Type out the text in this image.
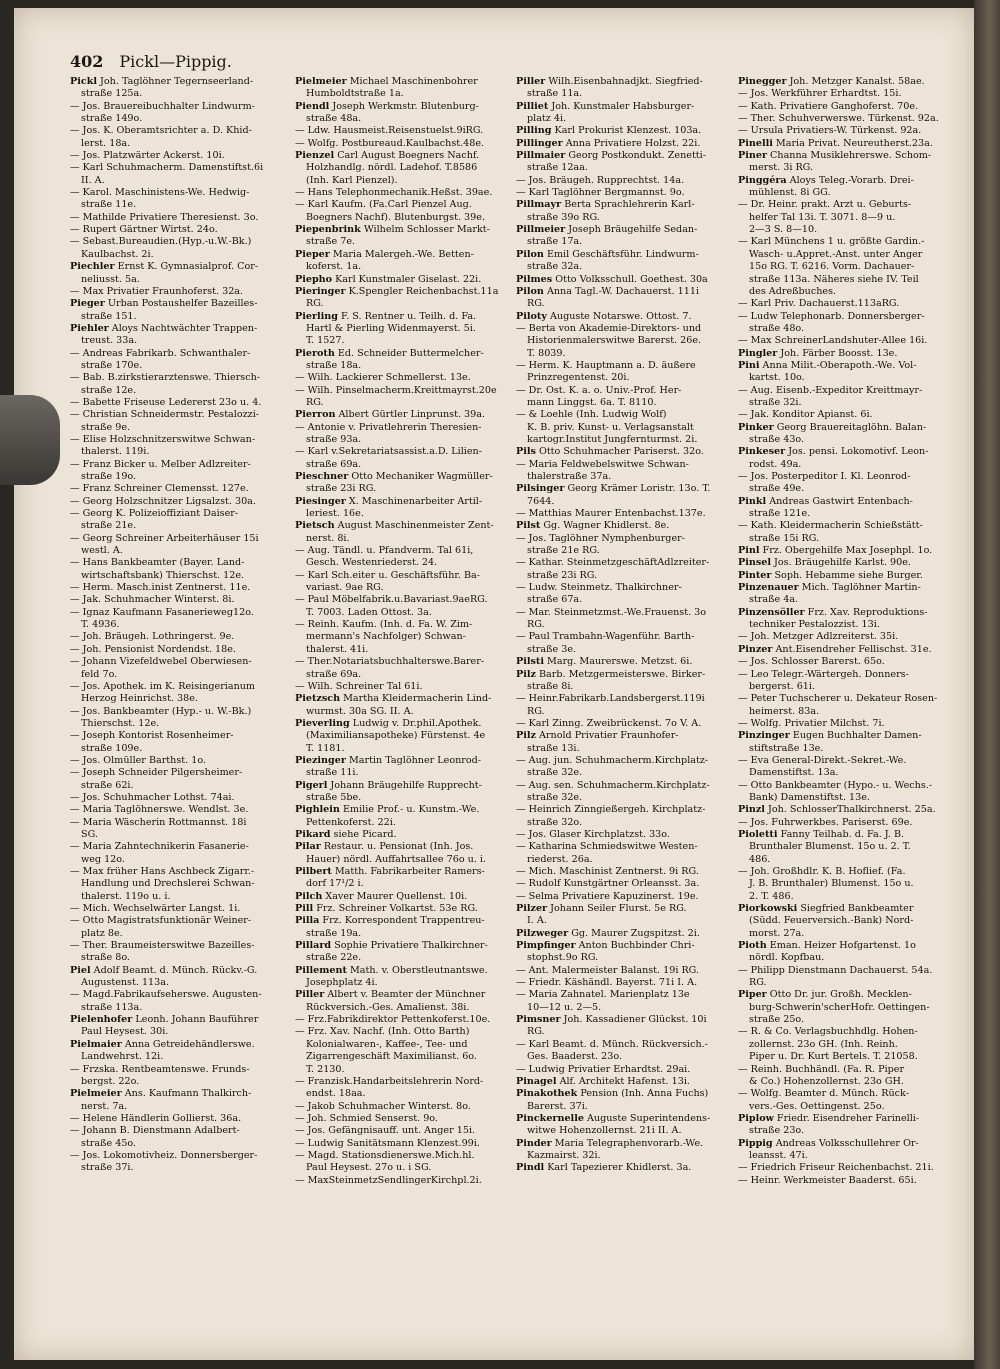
402 Pickl—Pippig.
Pickl Joh. Taglöhner Tegernseerland-
straße 125a.
— Jos. Brauereibuchhalter Lindwurm-
straße 149o.
— Jos. K. Oberamtsrichter a. D. Khid-
lerst. 18a.
— Jos. Platzwärter Ackerst. 10i.
— Karl Schuhmacherm. Damenstiftst.6i
II. A.
— Karol. Maschinistens-We. Hedwig-
straße 11e.
— Mathilde Privatiere Theresienst. 3o.
— Rupert Gärtner Wirtst. 24o.
— Sebast.Bureaudien.(Hyp.-u.W.-Bk.)
Kaulbachst. 2i.
Piechler Ernst K. Gymnasialprof. Cor-
neliusst. 5a.
— Max Privatier Fraunhoferst. 32a.
Pieger Urban Postaushelfer Bazeilles-
straße 151.
Piehler Aloys Nachtwächter Trappen-
treust. 33a.
— Andreas Fabrikarb. Schwanthaler-
straße 170e.
— Bab. B.zirkstierarztenswe. Thiersch-
straße 12e.
— Babette Friseuse Ledererst 23o u. 4.
— Christian Schneidermstr. Pestalozzi-
straße 9e.
— Elise Holzschnitzerswitwe Schwan-
thalerst. 119i.
— Franz Bicker u. Melber Adlzreiter-
straße 19o.
— Franz Schreiner Clemensst. 127e.
— Georg Holzschnitzer Ligsalzst. 30a.
— Georg K. Polizeioffiziant Daiser-
straße 21e.
— Georg Schreiner Arbeiterhäuser 15i
westl. A.
— Hans Bankbeamter (Bayer. Land-
wirtschaftsbank) Thierschst. 12e.
— Herm. Masch.inist Zentnerst. 11e.
— Jak. Schuhmacher Winterst. 8i.
— Ignaz Kaufmann Fasanerieweg12o.
T. 4936.
— Joh. Bräugeh. Lothringerst. 9e.
— Joh. Pensionist Nordendst. 18e.
— Johann Vizefeldwebel Oberwiesen-
feld 7o.
— Jos. Apothek. im K. Reisingerianum
Herzog Heinrichst. 38e.
— Jos. Bankbeamter (Hyp.- u. W.-Bk.)
Thierschst. 12e.
— Joseph Kontorist Rosenheimer-
straße 109e.
— Jos. Olmüller Barthst. 1o.
— Joseph Schneider Pilgersheimer-
straße 62i.
— Jos. Schuhmacher Lothst. 74ai.
— Maria Taglöhnerswe. Wendlst. 3e.
— Maria Wäscherin Rottmannst. 18i
SG.
— Maria Zahntechnikerin Fasanerie-
weg 12o.
— Max früher Hans Aschbeck Zigarr.-
Handlung und Drechslerei Schwan-
thalerst. 119o u. i.
— Mich. Wechselwärter Langst. 1i.
— Otto Magistratsfunktionär Weiner-
platz 8e.
— Ther. Braumeisterswitwe Bazeilles-
straße 8o.
Piel Adolf Beamt. d. Münch. Rückv.-G.
Augustenst. 113a.
— Magd.Fabrikaufseherswe. Augusten-
straße 113a.
Pielenhofer Leonh. Johann Bauführer
Paul Heysest. 30i.
Pielmaier Anna Getreidehändlerswe.
Landwehrst. 12i.
— Frzska. Rentbeamtenswe. Frunds-
bergst. 22o.
Pielmeier Ans. Kaufmann Thalkirch-
nerst. 7a.
— Helene Händlerin Gollierst. 36a.
— Johann B. Dienstmann Adalbert-
straße 45o.
— Jos. Lokomotivheiz. Donnersberger-
straße 37i.
Pielmeier Michael Maschinenbohrer
Humboldtstraße 1a.
Piendl Joseph Werkmstr. Blutenburg-
straße 48a.
— Ldw. Hausmeist.Reisenstuelst.9iRG.
— Wolfg. Postbureaud.Kaulbachst.48e.
Pienzel Carl August Boegners Nachf.
Holzhandlg. nördl. Ladehof. T.8586
(Inh. Karl Pienzel).
— Hans Telephonmechanik.Heßst. 39ae.
— Karl Kaufm. (Fa.Carl Pienzel Aug.
Boegners Nachf). Blutenburgst. 39e.
Piepenbrink Wilhelm Schlosser Markt-
straße 7e.
Pieper Maria Malergeh.-We. Betten-
koferst. 1a.
Piepho Karl Kunstmaler Giselast. 22i.
Pieringer K.Spengler Reichenbachst.11a
RG.
Pierling F. S. Rentner u. Teilh. d. Fa.
Hartl & Pierling Widenmayerst. 5i.
T. 1527.
Pieroth Ed. Schneider Buttermelcher-
straße 18a.
— Wilh. Lackierer Schmellerst. 13e.
— Wilh. Pinselmacherm.Kreittmayrst.20e
RG.
Pierron Albert Gürtler Linprunst. 39a.
— Antonie v. Privatlehrerin Theresien-
straße 93a.
— Karl v.Sekretariatsassist.a.D. Lilien-
straße 69a.
Pieschner Otto Mechaniker Wagmüller-
straße 23i RG.
Piesinger X. Maschinenarbeiter Artil-
leriest. 16e.
Pietsch August Maschinenmeister Zent-
nerst. 8i.
— Aug. Tändl. u. Pfandverm. Tal 61i,
Gesch. Westenriederst. 24.
— Karl Sch.eiter u. Geschäftsführ. Ba-
variast. 9ae RG.
— Paul Möbelfabrik.u.Bavariast.9aeRG.
T. 7003. Laden Ottost. 3a.
— Reinh. Kaufm. (Inh. d. Fa. W. Zim-
mermann's Nachfolger) Schwan-
thalerst. 41i.
— Ther.Notariatsbuchhalterswe.Barer-
straße 69a.
— Wilh. Schreiner Tal 61i.
Pietzsch Martha Kleidermacherin Lind-
wurmst. 30a SG. II. A.
Pieverling Ludwig v. Dr.phil.Apothek.
(Maximiliansapotheke) Fürstenst. 4e
T. 1181.
Piezinger Martin Taglöhner Leonrod-
straße 11i.
Pigerl Johann Bräugehilfe Rupprecht-
straße 5be.
Pighlein Emilie Prof.- u. Kunstm.-We.
Pettenkoferst. 22i.
Pikard siehe Picard.
Pilar Restaur. u. Pensionat (Inh. Jos.
Hauer) nördl. Auffahrtsallee 76o u. i.
Pilbert Matth. Fabrikarbeiter Ramers-
dorf 17¹/2 i.
Pilch Xaver Maurer Quellenst. 10i.
Pill Frz. Schreiner Volkartst. 53e RG.
Pilla Frz. Korrespondent Trappentreu-
straße 19a.
Pillard Sophie Privatiere Thalkirchner-
straße 22e.
Pillement Math. v. Oberstleutnantswe.
Josephplatz 4i.
Piller Albert v. Beamter der Münchner
Rückversich.-Ges. Amalienst. 38i.
— Frz.Fabrikdirektor Pettenkoferst.10e.
— Frz. Xav. Nachf. (Inh. Otto Barth)
Kolonialwaren-, Kaffee-, Tee- und
Zigarrengeschäft Maximilianst. 6o.
T. 2130.
— Franzisk.Handarbeitslehrerin Nord-
endst. 18aa.
— Jakob Schuhmacher Winterst. 8o.
— Joh. Schmied Senserst. 9o.
— Jos. Gefängnisauff. unt. Anger 15i.
— Ludwig Sanitätsmann Klenzest.99i.
— Magd. Stationsdienerswe.Mich.hl.
Paul Heysest. 27o u. i SG.
— MaxSteinmetzSendlingerKirchpl.2i.
Piller Wilh.Eisenbahnadjkt. Siegfried-
straße 11a.
Pilliet Joh. Kunstmaler Habsburger-
platz 4i.
Pilling Karl Prokurist Klenzest. 103a.
Pillinger Anna Privatiere Holzst. 22i.
Pillmaier Georg Postkondukt. Zenetti-
straße 12aa.
— Jos. Bräugeh. Rupprechtst. 14a.
— Karl Taglöhner Bergmannst. 9o.
Pillmayr Berta Sprachlehrerin Karl-
straße 39o RG.
Pillmeier Joseph Bräugehilfe Sedan-
straße 17a.
Pilon Emil Geschäftsführ. Lindwurm-
straße 32a.
Pilmes Otto Volksschull. Goethest. 30a
Pilon Anna Tagl.-W. Dachauerst. 111i
RG.
Piloty Auguste Notarswe. Ottost. 7.
— Berta von Akademie-Direktors- und
Historienmalerswitwe Barerst. 26e.
T. 8039.
— Herm. K. Hauptmann a. D. äußere
Prinzregentenst. 20i.
— Dr. Ost. K. a. o. Univ.-Prof. Her-
mann Linggst. 6a. T. 8110.
— & Loehle (Inh. Ludwig Wolf)
K. B. priv. Kunst- u. Verlagsanstalt
kartogr.Institut Jungfernturmst. 2i.
Pils Otto Schuhmacher Pariserst. 32o.
— Maria Feldwebelswitwe Schwan-
thalerstraße 37a.
Pilsinger Georg Krämer Loristr. 13o. T.
7644.
— Matthias Maurer Entenbachst.137e.
Pilst Gg. Wagner Khidlerst. 8e.
— Jos. Taglöhner Nymphenburger-
straße 21e RG.
— Kathar. SteinmetzgeschäftAdlzreiter-
straße 23i RG.
— Ludw. Steinmetz. Thalkirchner-
straße 67a.
— Mar. Steinmetzmst.-We.Frauenst. 3o
RG.
— Paul Trambahn-Wagenführ. Barth-
straße 3e.
Pilsti Marg. Maurerswe. Metzst. 6i.
Pilz Barb. Metzgermeisterswe. Birker-
straße 8i.
— Heinr.Fabrikarb.Landsbergerst.119i
RG.
— Karl Zinng. Zweibrückenst. 7o V. A.
Pilz Arnold Privatier Fraunhofer-
straße 13i.
— Aug. jun. Schuhmacherm.Kirchplatz-
straße 32e.
— Aug. sen. Schuhmacherm.Kirchplatz-
straße 32e.
— Heinrich Zinngießergeh. Kirchplatz-
straße 32o.
— Jos. Glaser Kirchplatzst. 33o.
— Katharina Schmiedswitwe Westen-
riederst. 26a.
— Mich. Maschinist Zentnerst. 9i RG.
— Rudolf Kunstgärtner Orleansst. 3a.
— Selma Privatiere Kapuzinerst. 19e.
Pilzer Johann Seiler Flurst. 5e RG.
I. A.
Pilzweger Gg. Maurer Zugspitzst. 2i.
Pimpfinger Anton Buchbinder Chri-
stophst.9o RG.
— Ant. Malermeister Balanst. 19i RG.
— Friedr. Käshändl. Bayerst. 71i I. A.
— Maria Zahnatel. Marienplatz 13e
10—12 u. 2—5.
Pimsner Joh. Kassadiener Glückst. 10i
RG.
— Karl Beamt. d. Münch. Rückversich.-
Ges. Baaderst. 23o.
— Ludwig Privatier Erhardtst. 29ai.
Pinagel Alf. Architekt Hafenst. 13i.
Pinakothek Pension (Inh. Anna Fuchs)
Barerst. 37i.
Pinckernelle Auguste Superintendens-
witwe Hohenzollernst. 21i II. A.
Pinder Maria Telegraphenvorarb.-We.
Kazmairst. 32i.
Pindl Karl Tapezierer Khidlerst. 3a.
Pinegger Joh. Metzger Kanalst. 58ae.
— Jos. Werkführer Erhardtst. 15i.
— Kath. Privatiere Ganghoferst. 70e.
— Ther. Schuhverwerswe. Türkenst. 92a.
— Ursula Privatiers-W. Türkenst. 92a.
Pinelli Maria Privat. Neureutherst.23a.
Piner Channa Musiklehrerswe. Schom-
merst. 3i RG.
Pinggéra Aloys Teleg.-Vorarb. Drei-
mühlenst. 8i GG.
— Dr. Heinr. prakt. Arzt u. Geburts-
helfer Tal 13i. T. 3071. 8—9 u.
2—3 S. 8—10.
— Karl Münchens 1 u. größte Gardin.-
Wasch- u.Appret.-Anst. unter Anger
15o RG. T. 6216. Vorm. Dachauer-
straße 113a. Näheres siehe IV. Teil
des Adreßbuches.
— Karl Priv. Dachauerst.113aRG.
— Ludw Telephonarb. Donnersberger-
straße 48o.
— Max SchreinerLandshuter-Allee 16i.
Pingler Joh. Färber Boosst. 13e.
Pini Anna Milit.-Oberapoth.-We. Vol-
kartst. 10o.
— Aug. Eisenb.-Expeditor Kreittmayr-
straße 32i.
— Jak. Konditor Apianst. 6i.
Pinker Georg Brauereitaglöhn. Balan-
straße 43o.
Pinkeser Jos. pensi. Lokomotivf. Leon-
rodst. 49a.
— Jos. Posterpeditor I. Kl. Leonrod-
straße 49e.
Pinkl Andreas Gastwirt Entenbach-
straße 121e.
— Kath. Kleidermacherin Schießstätt-
straße 15i RG.
Pinl Frz. Obergehilfe Max Josephpl. 1o.
Pinsel Jos. Bräugehilfe Karlst. 90e.
Pinter Soph. Hebamme siehe Burger.
Pinzenauer Mich. Taglöhner Martin-
straße 4a.
Pinzensöller Frz. Xav. Reproduktions-
techniker Pestalozzist. 13i.
— Joh. Metzger Adlzreiterst. 35i.
Pinzer Ant.Eisendreher Fellischst. 31e.
— Jos. Schlosser Barerst. 65o.
— Leo Telegr.-Wärtergeh. Donners-
bergerst. 61i.
— Peter Tuchscherer u. Dekateur Rosen-
heimerst. 83a.
— Wolfg. Privatier Milchst. 7i.
Pinzinger Eugen Buchhalter Damen-
stiftstraße 13e.
— Eva General-Direkt.-Sekret.-We.
Damenstiftst. 13a.
— Otto Bankbeamter (Hypo.- u. Wechs.-
Bank) Damenstiftst. 13e.
Pinzl Joh. SchlosserThalkirchnerst. 25a.
— Jos. Fuhrwerkbes. Pariserst. 69e.
Pioletti Fanny Teilhab. d. Fa. J. B.
Brunthaler Blumenst. 15o u. 2. T.
486.
— Joh. Großhdlr. K. B. Hoflief. (Fa.
J. B. Brunthaler) Blumenst. 15o u.
2. T. 486.
Piorkowski Siegfried Bankbeamter
(Südd. Feuerversich.-Bank) Nord-
morst. 27a.
Pioth Eman. Heizer Hofgartenst. 1o
nördl. Kopfbau.
— Philipp Dienstmann Dachauerst. 54a.
RG.
Piper Otto Dr. jur. Großh. Mecklen-
burg-Schwerin'scherHofr. Oettingen-
straße 25o.
— R. & Co. Verlagsbuchhdlg. Hohen-
zollernst. 23o GH. (Inh. Reinh.
Piper u. Dr. Kurt Bertels. T. 21058.
— Reinh. Buchhändl. (Fa. R. Piper
& Co.) Hohenzollernst. 23o GH.
— Wolfg. Beamter d. Münch. Rück-
vers.-Ges. Oettingenst. 25o.
Piplow Friedr. Eisendreher Farinelli-
straße 23o.
Pippig Andreas Volksschullehrer Or-
leansst. 47i.
— Friedrich Friseur Reichenbachst. 21i.
— Heinr. Werkmeister Baaderst. 65i.
